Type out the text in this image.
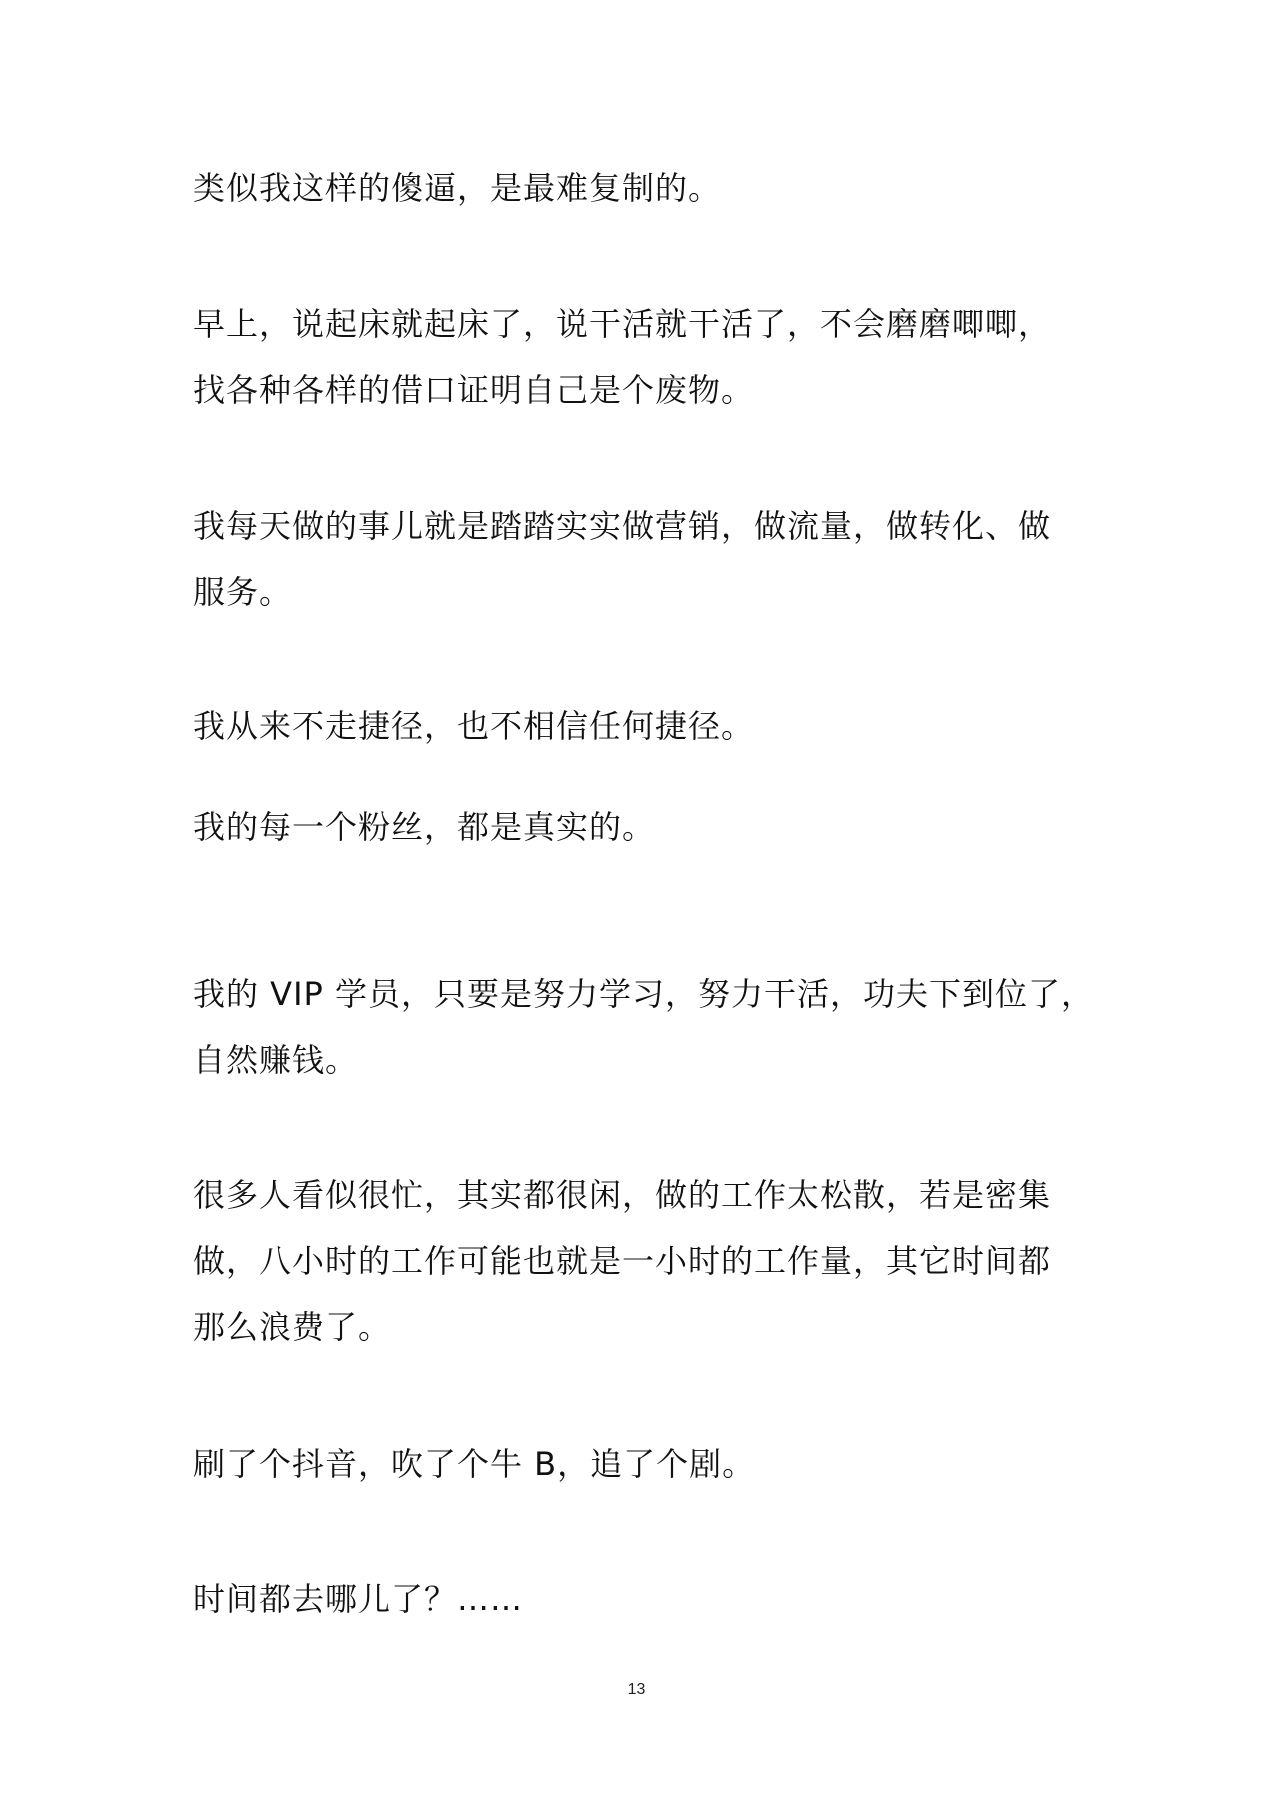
类似我这样的傻逼，是最难复制的。

早上，说起床就起床了，说干活就干活了，不会磨磨唧唧，
找各种各样的借口证明自己是个废物。

我每天做的事儿就是踏踏实实做营销，做流量，做转化、做
服务。

我从来不走捷径，也不相信任何捷径。

我的每一个粉丝，都是真实的。

我的 VIP 学员，只要是努力学习，努力干活，功夫下到位了，
自然赚钱。

很多人看似很忙，其实都很闲，做的工作太松散，若是密集
做，八小时的工作可能也就是一小时的工作量，其它时间都
那么浪费了。

刷了个抖音，吹了个牛 B，追了个剧。

时间都去哪儿了？……

13
